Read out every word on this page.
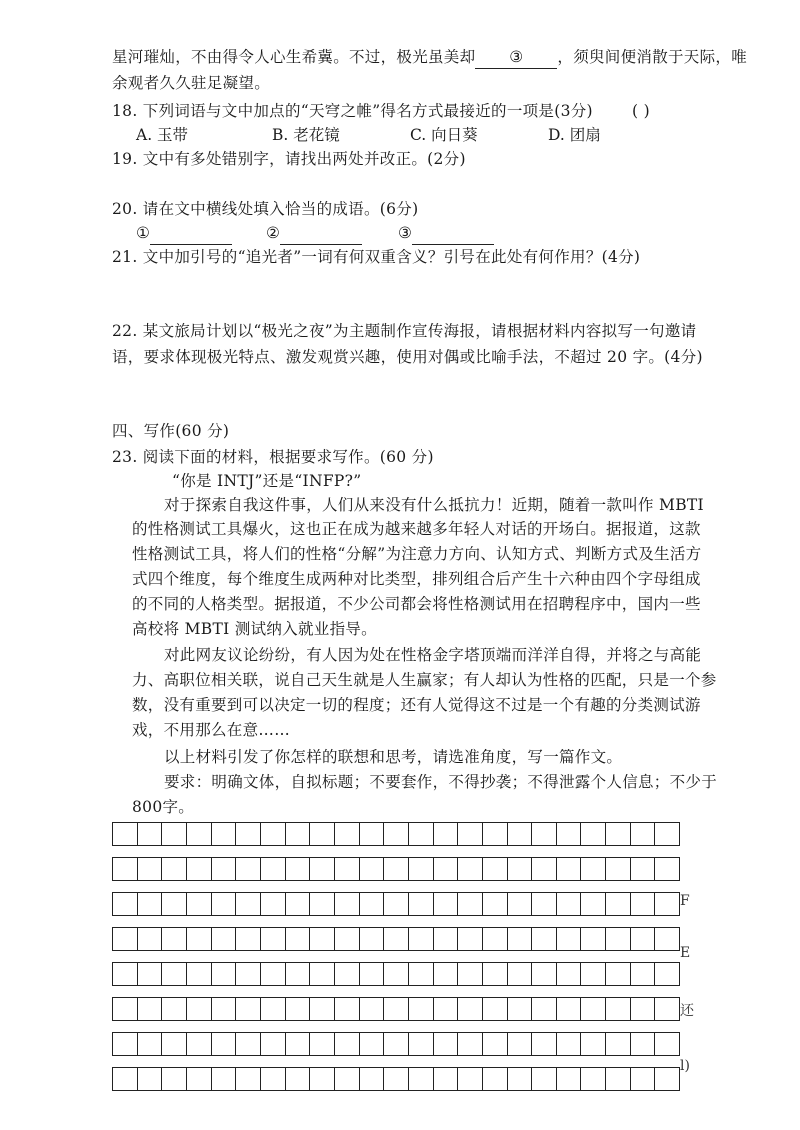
星河璀灿，不由得令人心生希冀。不过，极光虽美却 ③ ，须臾间便消散于天际，唯
余观者久久驻足凝望。
18. 下列词语与文中加点的“天穹之帷”得名方式最接近的一项是(3分)	( )
A. 玉带	B. 老花镜	C. 向日葵	D. 团扇
19. 文中有多处错别字，请找出两处并改正。(2分)
20. 请在文中横线处填入恰当的成语。(6分)
①	②	③
21. 文中加引号的“追光者”一词有何双重含义？引号在此处有何作用？(4分)
22. 某文旅局计划以“极光之夜”为主题制作宣传海报，请根据材料内容拟写一句邀请
语，要求体现极光特点、激发观赏兴趣，使用对偶或比喻手法，不超过 20 字。(4分)
四、写作(60 分)
23. 阅读下面的材料，根据要求写作。(60 分)
“你是 INTJ”还是“INFP?”
对于探索自我这件事，人们从来没有什么抵抗力！近期，随着一款叫作 MBTI
的性格测试工具爆火，这也正在成为越来越多年轻人对话的开场白。据报道，这款
性格测试工具，将人们的性格“分解”为注意力方向、认知方式、判断方式及生活方
式四个维度，每个维度生成两种对比类型，排列组合后产生十六种由四个字母组成
的不同的人格类型。据报道，不少公司都会将性格测试用在招聘程序中，国内一些
高校将 MBTI 测试纳入就业指导。
对此网友议论纷纷，有人因为处在性格金字塔顶端而洋洋自得，并将之与高能
力、高职位相关联，说自己天生就是人生赢家；有人却认为性格的匹配，只是一个参
数，没有重要到可以决定一切的程度；还有人觉得这不过是一个有趣的分类测试游
戏，不用那么在意……
以上材料引发了你怎样的联想和思考，请选准角度，写一篇作文。
要求：明确文体，自拟标题；不要套作，不得抄袭；不得泄露个人信息；不少于
800字。
F
E
还
l)
